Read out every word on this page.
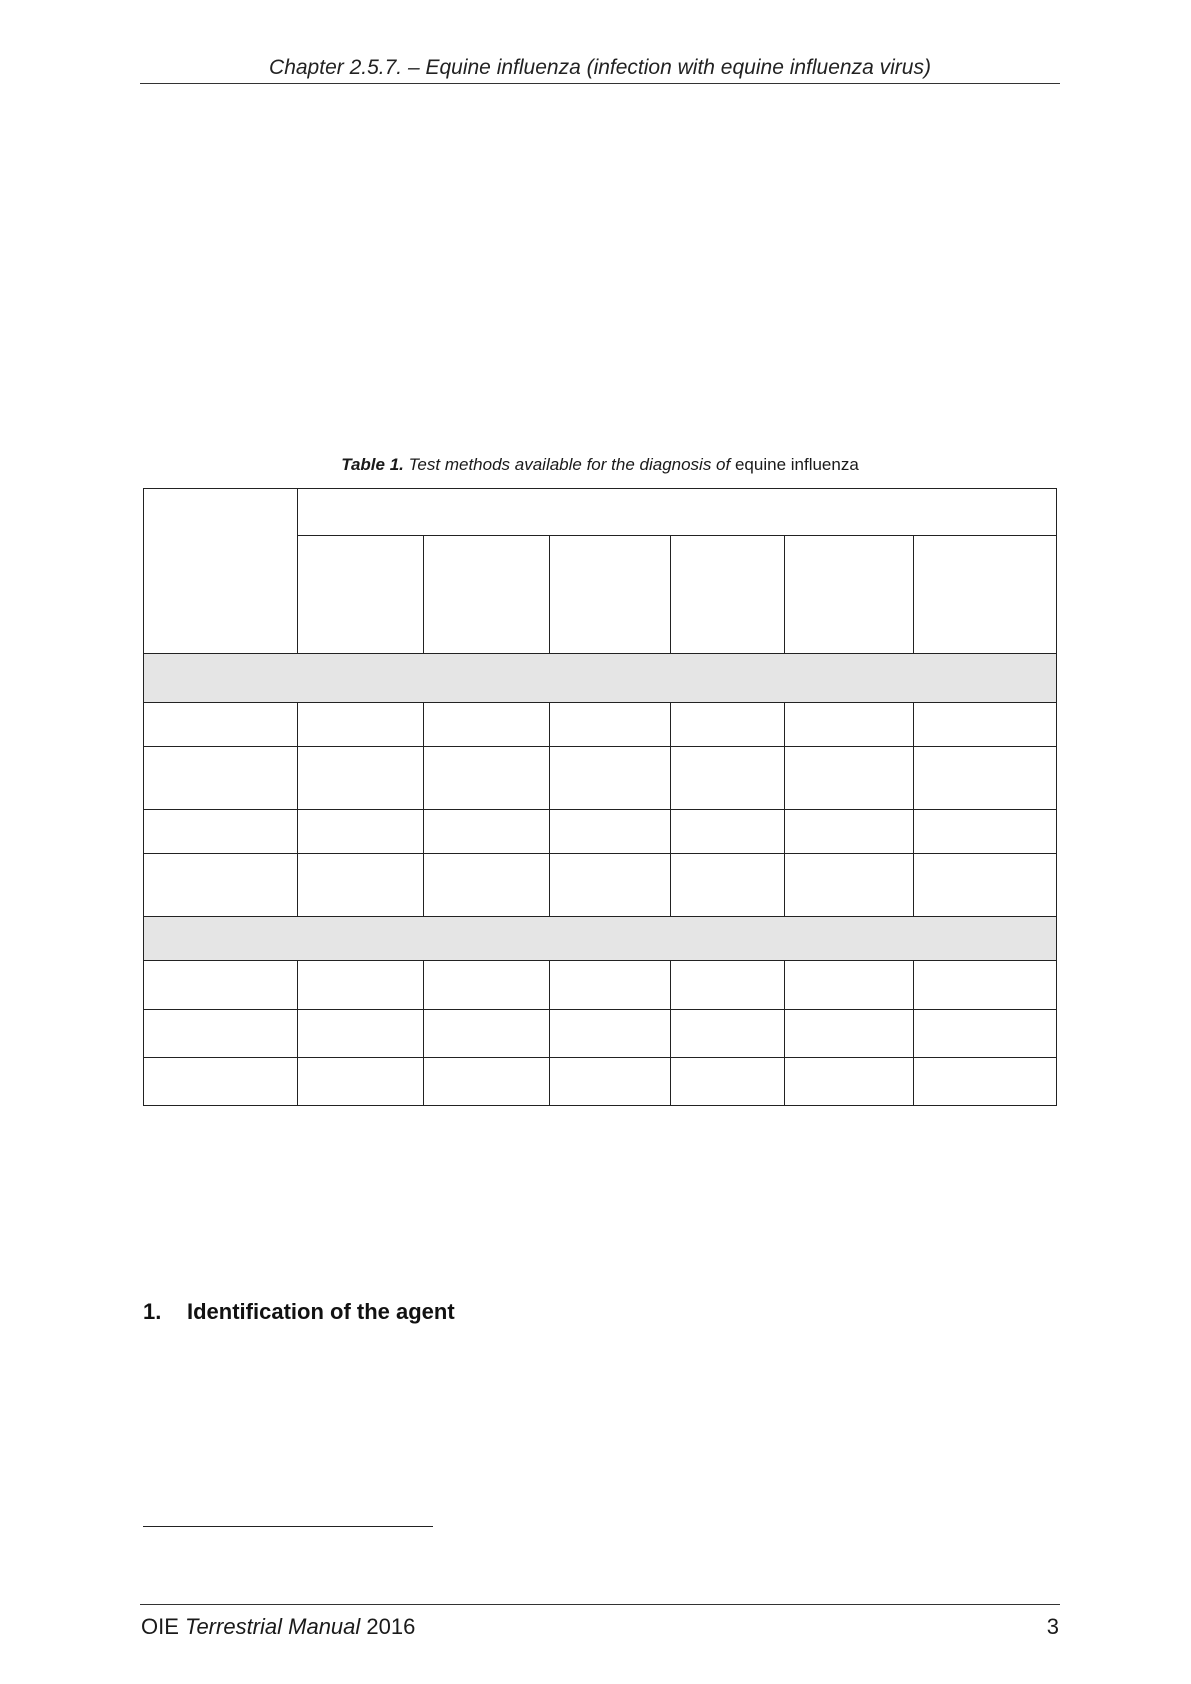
Chapter 2.5.7. – Equine influenza (infection with equine influenza virus)
Table 1. Test methods available for the diagnosis of equine influenza

1. Identification of the agent
OIE Terrestrial Manual 2016	3
